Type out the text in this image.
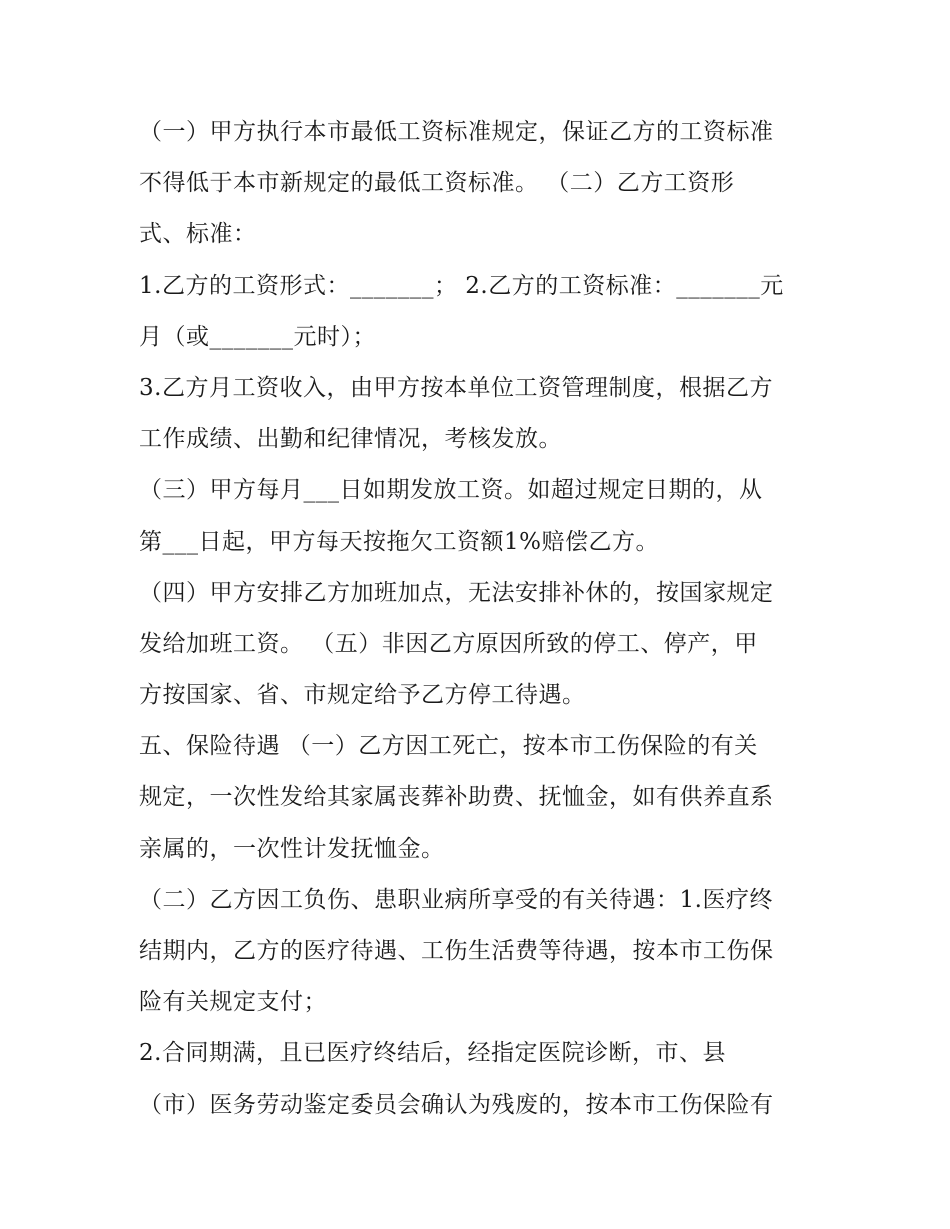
（一）甲方执行本市最低工资标准规定，保证乙方的工资标准
不得低于本市新规定的最低工资标准。 （二）乙方工资形
式、标准：
1.乙方的工资形式：_______； 2.乙方的工资标准：_______元
月（或_______元时）；
3.乙方月工资收入，由甲方按本单位工资管理制度，根据乙方
工作成绩、出勤和纪律情况，考核发放。
（三）甲方每月___日如期发放工资。如超过规定日期的，从
第___日起，甲方每天按拖欠工资额1%赔偿乙方。
（四）甲方安排乙方加班加点，无法安排补休的，按国家规定
发给加班工资。 （五）非因乙方原因所致的停工、停产，甲
方按国家、省、市规定给予乙方停工待遇。
五、保险待遇 （一）乙方因工死亡，按本市工伤保险的有关
规定，一次性发给其家属丧葬补助费、抚恤金，如有供养直系
亲属的，一次性计发抚恤金。
（二）乙方因工负伤、患职业病所享受的有关待遇：1.医疗终
结期内，乙方的医疗待遇、工伤生活费等待遇，按本市工伤保
险有关规定支付；
2.合同期满，且已医疗终结后，经指定医院诊断，市、县
（市）医务劳动鉴定委员会确认为残废的，按本市工伤保险有
